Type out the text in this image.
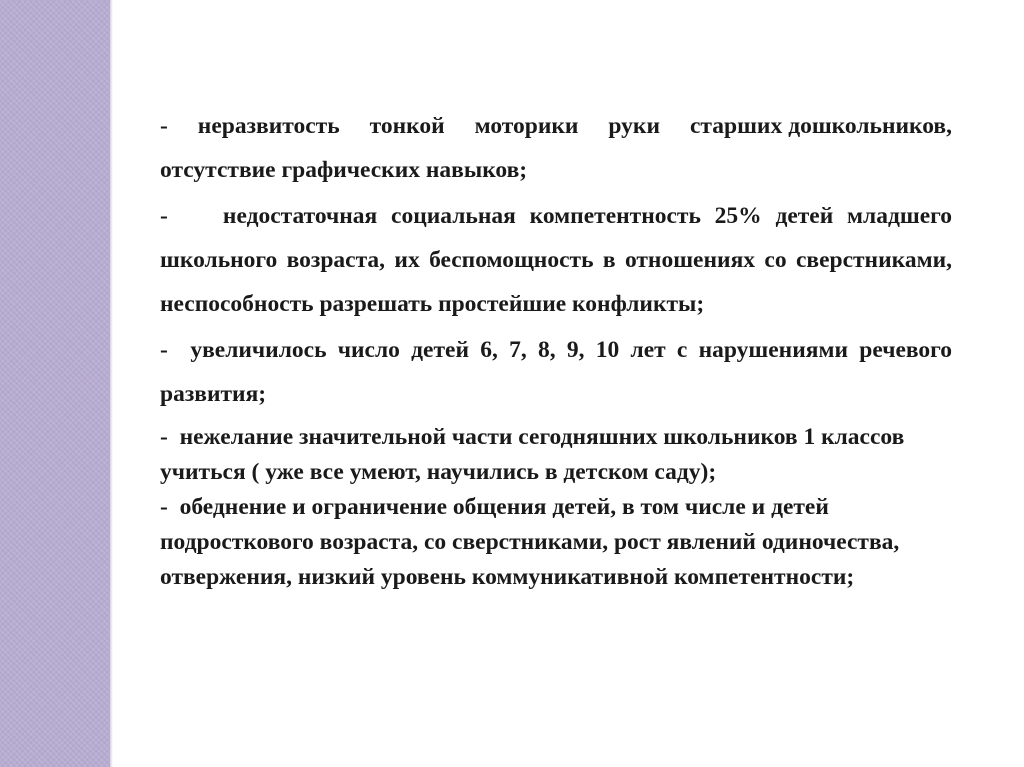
-     неразвитость     тонкой     моторики     руки     старших дошкольников, отсутствие графических навыков;

-    недостаточная социальная компетентность 25% детей младшего школьного возраста, их беспомощность в отношениях со сверстниками, неспособность разрешать простейшие конфликты;

-  увеличилось число детей 6, 7, 8, 9, 10 лет с нарушениями речевого развития;

-  нежелание значительной части сегодняшних школьников 1 классов учиться ( уже все умеют, научились в детском саду);

-  обеднение и ограничение общения детей, в том числе и детей подросткового возраста, со сверстниками, рост явлений одиночества, отвержения, низкий уровень коммуникативной компетентности;
